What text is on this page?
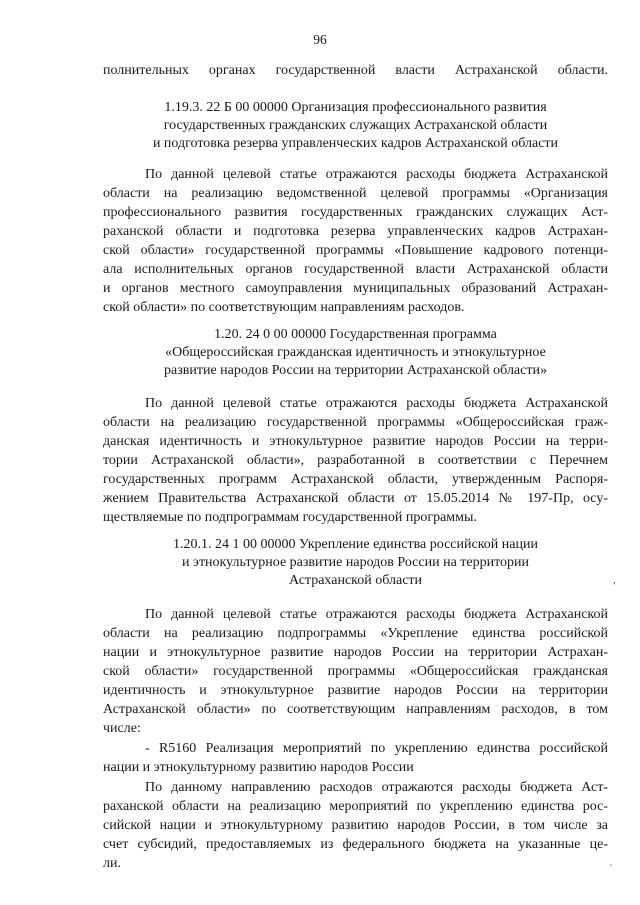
96
полнительных органах государственной власти Астраханской области.
1.19.3. 22 Б 00 00000 Организация профессионального развития
государственных гражданских служащих Астраханской области
и подготовка резерва управленческих кадров Астраханской области
По данной целевой статье отражаются расходы бюджета Астраханской
области на реализацию ведомственной целевой программы «Организация
профессионального развития государственных гражданских служащих Аст-
раханской области и подготовка резерва управленческих кадров Астрахан-
ской области» государственной программы «Повышение кадрового потенци-
ала исполнительных органов государственной власти Астраханской области
и органов местного самоуправления муниципальных образований Астрахан-
ской области» по соответствующим направлениям расходов.
1.20. 24 0 00 00000 Государственная программа
«Общероссийская гражданская идентичность и этнокультурное
развитие народов России на территории Астраханской области»
По данной целевой статье отражаются расходы бюджета Астраханской
области на реализацию государственной программы «Общероссийская граж-
данская идентичность и этнокультурное развитие народов России на терри-
тории Астраханской области», разработанной в соответствии с Перечнем
государственных программ Астраханской области, утвержденным Распоря-
жением Правительства Астраханской области от 15.05.2014 № 197-Пр, осу-
ществляемые по подпрограммам государственной программы.
1.20.1. 24 1 00 00000 Укрепление единства российской нации
и этнокультурное развитие народов России на территории
Астраханской области
По данной целевой статье отражаются расходы бюджета Астраханской
области на реализацию подпрограммы «Укрепление единства российской
нации и этнокультурное развитие народов России на территории Астрахан-
ской области» государственной программы «Общероссийская гражданская
идентичность и этнокультурное развитие народов России на территории
Астраханской области» по соответствующим направлениям расходов, в том
числе:
- R5160 Реализация мероприятий по укреплению единства российской
нации и этнокультурному развитию народов России
По данному направлению расходов отражаются расходы бюджета Аст-
раханской области на реализацию мероприятий по укреплению единства рос-
сийской нации и этнокультурному развитию народов России, в том числе за
счет субсидий, предоставляемых из федерального бюджета на указанные це-
ли.
,
